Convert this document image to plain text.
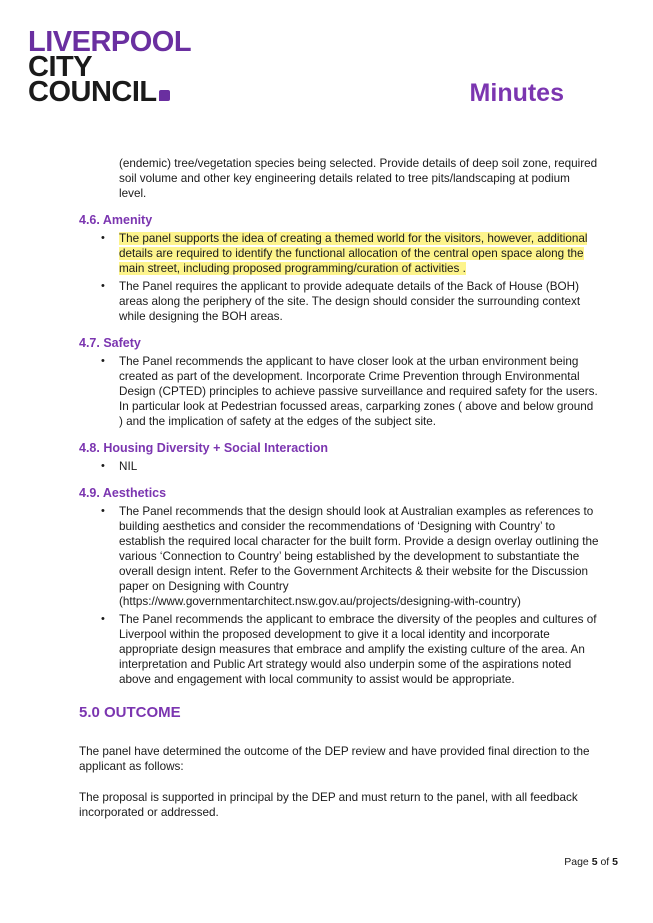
LIVERPOOL
CITY
COUNCIL	Minutes

(endemic) tree/vegetation species being selected. Provide details of deep soil zone, required soil volume and other key engineering details related to tree pits/landscaping at podium level.

4.6. Amenity
• The panel supports the idea of creating a themed world for the visitors, however, additional details are required to identify the functional allocation of the central open space along the main street, including proposed programming/curation of activities .
• The Panel requires the applicant to provide adequate details of the Back of House (BOH) areas along the periphery of the site. The design should consider the surrounding context while designing the BOH areas.
4.7. Safety
• The Panel recommends the applicant to have closer look at the urban environment being created as part of the development. Incorporate Crime Prevention through Environmental Design (CPTED) principles to achieve passive surveillance and required safety for the users. In particular look at Pedestrian focussed areas, carparking zones ( above and below ground ) and the implication of safety at the edges of the subject site.
4.8. Housing Diversity + Social Interaction
• NIL
4.9. Aesthetics
• The Panel recommends that the design should look at Australian examples as references to building aesthetics and consider the recommendations of ‘Designing with Country’ to establish the required local character for the built form. Provide a design overlay outlining the various ‘Connection to Country’ being established by the development to substantiate the overall design intent. Refer to the Government Architects & their website for the Discussion paper on Designing with Country (https://www.governmentarchitect.nsw.gov.au/projects/designing-with-country)
• The Panel recommends the applicant to embrace the diversity of the peoples and cultures of Liverpool within the proposed development to give it a local identity and incorporate appropriate design measures that embrace and amplify the existing culture of the area. An interpretation and Public Art strategy would also underpin some of the aspirations noted above and engagement with local community to assist would be appropriate.
5.0 OUTCOME

The panel have determined the outcome of the DEP review and have provided final direction to the applicant as follows:

The proposal is supported in principal by the DEP and must return to the panel, with all feedback incorporated or addressed.

Page 5 of 5
